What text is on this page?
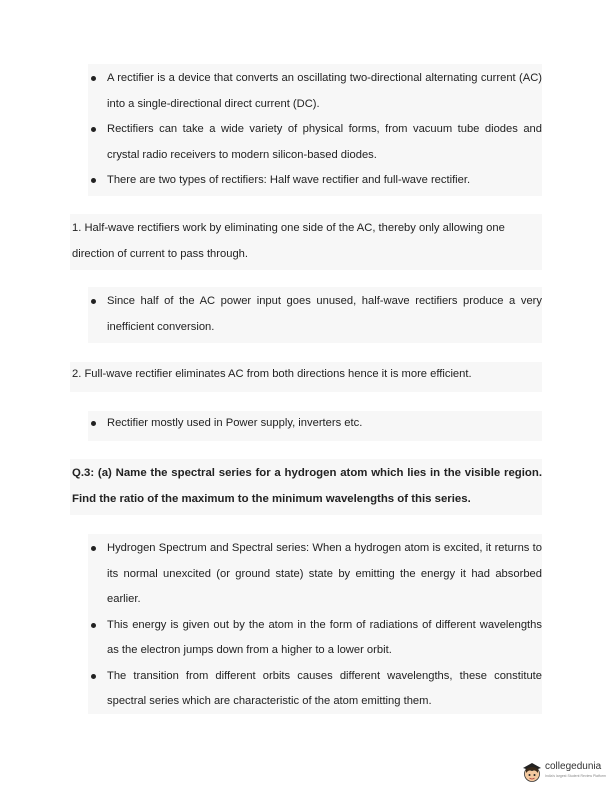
A rectifier is a device that converts an oscillating two-directional alternating current (AC) into a single-directional direct current (DC).
Rectifiers can take a wide variety of physical forms, from vacuum tube diodes and crystal radio receivers to modern silicon-based diodes.
There are two types of rectifiers: Half wave rectifier and full-wave rectifier.

1. Half-wave rectifiers work by eliminating one side of the AC, thereby only allowing one direction of current to pass through.

Since half of the AC power input goes unused, half-wave rectifiers produce a very inefficient conversion.

2. Full-wave rectifier eliminates AC from both directions hence it is more efficient.

Rectifier mostly used in Power supply, inverters etc.

Q.3: (a) Name the spectral series for a hydrogen atom which lies in the visible region. Find the ratio of the maximum to the minimum wavelengths of this series.

Hydrogen Spectrum and Spectral series: When a hydrogen atom is excited, it returns to its normal unexcited (or ground state) state by emitting the energy it had absorbed earlier.
This energy is given out by the atom in the form of radiations of different wavelengths as the electron jumps down from a higher to a lower orbit.
The transition from different orbits causes different wavelengths, these constitute spectral series which are characteristic of the atom emitting them.
collegedunia
India's largest Student Review Platform
